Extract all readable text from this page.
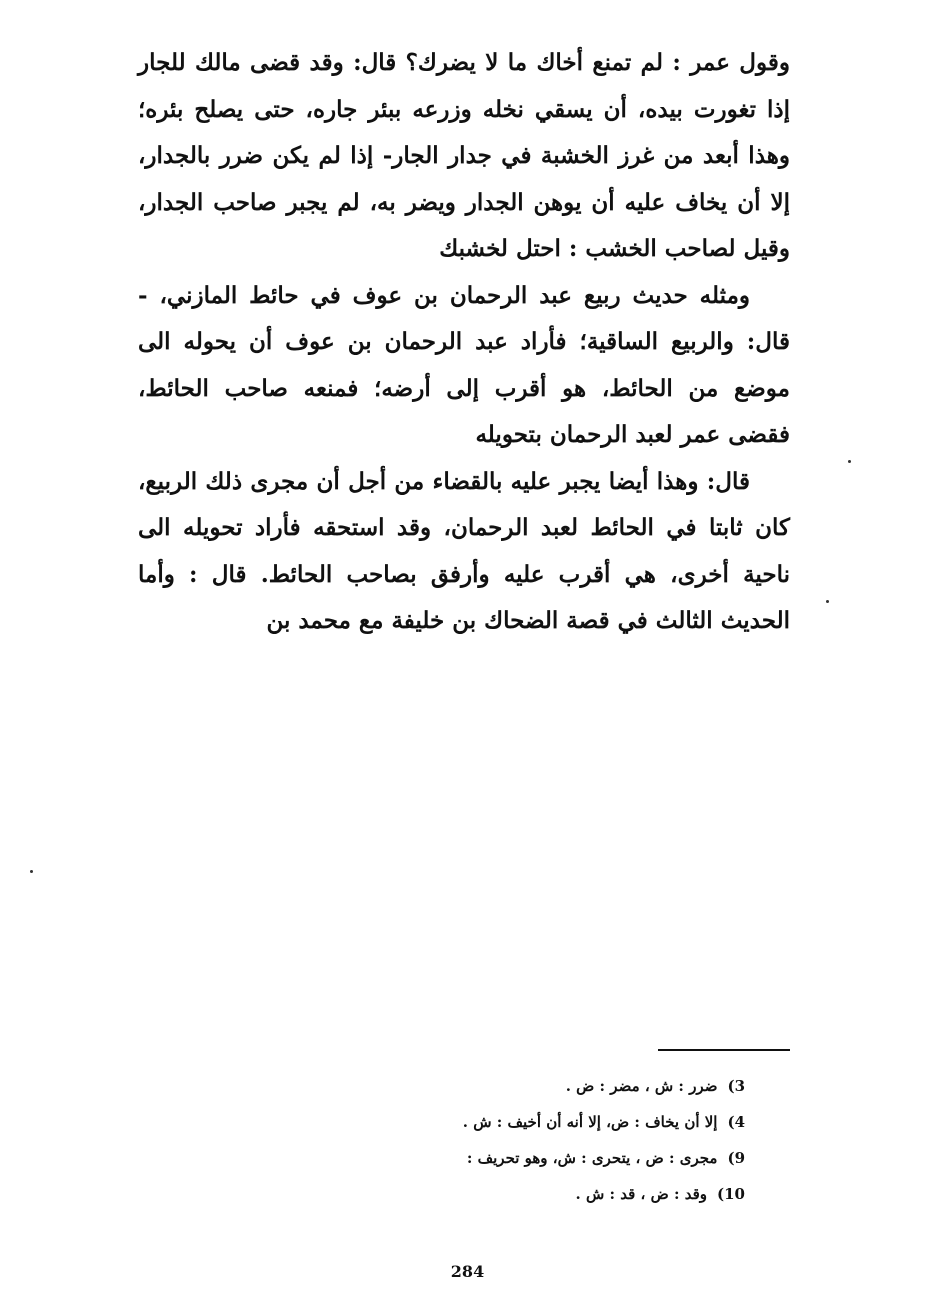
وقول عمر : لم تمنع أخاك ما لا يضرك؟ قال: وقد قضى مالك للجار إذا تغورت بيده، أن يسقي نخله وزرعه ببئر جاره، حتى يصلح بئره؛ وهذا أبعد من غرز الخشبة في جدار الجار- إذا لم يكن ضرر بالجدار، إلا أن يخاف عليه أن يوهن الجدار ويضر به، لم يجبر صاحب الجدار، وقيل لصاحب الخشب : احتل لخشبك

ومثله حديث ربيع عبد الرحمان بن عوف في حائط المازني، - قال: والربيع الساقية؛ فأراد عبد الرحمان بن عوف أن يحوله الى موضع من الحائط، هو أقرب إلى أرضه؛ فمنعه صاحب الحائط، فقضى عمر لعبد الرحمان بتحويله

قال: وهذا أيضا يجبر عليه بالقضاء من أجل أن مجرى ذلك الربيع، كان ثابتا في الحائط لعبد الرحمان، وقد استحقه فأراد تحويله الى ناحية أخرى، هي أقرب عليه وأرفق بصاحب الحائط. قال : وأما الحديث الثالث في قصة الضحاك بن خليفة مع محمد بن

3)ضرر : ش ، مضر : ض .
4)إلا أن يخاف : ض، إلا أنه أن أخيف : ش .
9)مجرى : ض ، يتحرى : ش، وهو تحريف :
10)وقد : ض ، قد : ش .
284
